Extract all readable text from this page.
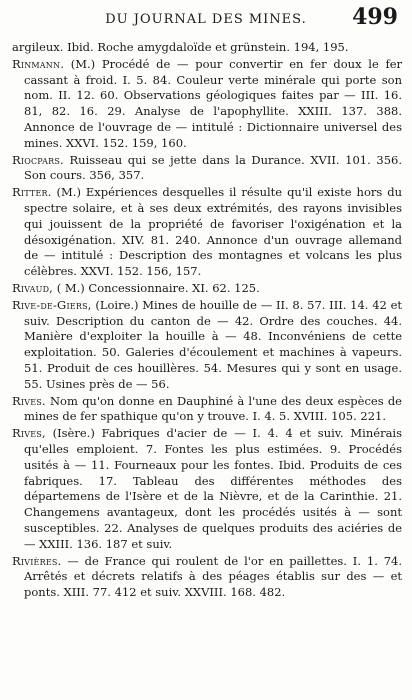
DU JOURNAL DES MINES.	499

argileux. Ibid. Roche amygdaloïde et grünstein. 194, 195.

Rinmann. (M.) Procédé de — pour convertir en fer doux le fer cassant à froid. I. 5. 84. Couleur verte minérale qui porte son nom. II. 12. 60. Observations géologiques faites par — III. 16. 81, 82. 16. 29. Analyse de l'apophyllite. XXIII. 137. 388. Annonce de l'ouvrage de — intitulé : Dictionnaire universel des mines. XXVI. 152. 159, 160.

Riocpars. Ruisseau qui se jette dans la Durance. XVII. 101. 356. Son cours. 356, 357.

Ritter. (M.) Expériences desquelles il résulte qu'il existe hors du spectre solaire, et à ses deux extrémités, des rayons invisibles qui jouissent de la propriété de favoriser l'oxigénation et la désoxigénation. XIV. 81. 240. Annonce d'un ouvrage allemand de — intitulé : Description des montagnes et volcans les plus célèbres. XXVI. 152. 156, 157.

Rivaud, ( M.) Concessionnaire. XI. 62. 125.

Rive-de-Giers, (Loire.) Mines de houille de — II. 8. 57. III. 14. 42 et suiv. Description du canton de — 42. Ordre des couches. 44. Manière d'exploiter la houille à — 48. Inconvéniens de cette exploitation. 50. Galeries d'écoulement et machines à vapeurs. 51. Produit de ces houillères. 54. Mesures qui y sont en usage. 55. Usines près de — 56.

Rives. Nom qu'on donne en Dauphiné à l'une des deux espèces de mines de fer spathique qu'on y trouve. I. 4. 5. XVIII. 105. 221.

Rives, (Isère.) Fabriques d'acier de — I. 4. 4 et suiv. Minérais qu'elles emploient. 7. Fontes les plus estimées. 9. Procédés usités à — 11. Fourneaux pour les fontes. Ibid. Produits de ces fabriques. 17. Tableau des différentes méthodes des départemens de l'Isère et de la Nièvre, et de la Carinthie. 21. Changemens avantageux, dont les procédés usités à — sont susceptibles. 22. Analyses de quelques produits des aciéries de — XXIII. 136. 187 et suiv.

Rivières. — de France qui roulent de l'or en paillettes. I. 1. 74. Arrêtés et décrets relatifs à des péages établis sur des — et ponts. XIII. 77. 412 et suiv. XXVIII. 168. 482.
